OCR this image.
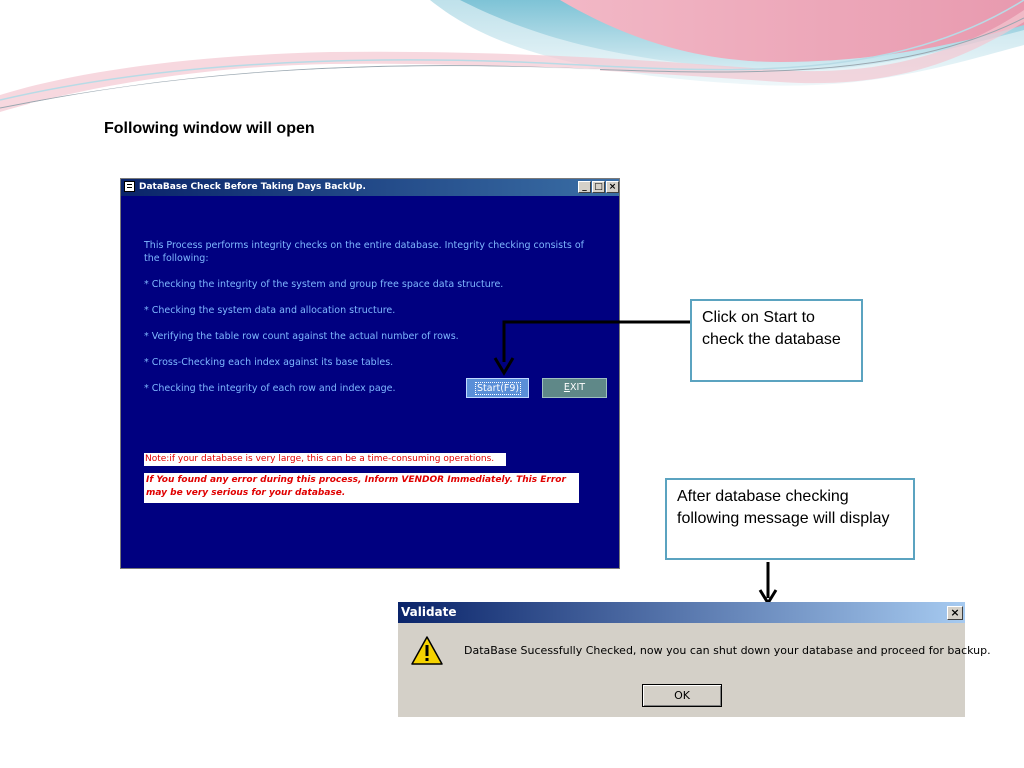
Following window will open
DataBase Check Before Taking Days BackUp.	_ □ ×
This Process performs integrity checks on the entire database. Integrity checking consists of the following:
* Checking the integrity of the system and group free space data structure.
* Checking the system data and allocation structure.
* Verifying the table row count against the actual number of rows.
* Cross-Checking each index against its base tables.
* Checking the integrity of each row and index page.	Start(F9)	EXIT
Note:if your database is very large, this can be a time-consuming operations.
If You found any error during this process, Inform VENDOR Immediately. This Error may be very serious for your database.
Click on Start to check the database
After database checking following message will display
Validate	×
DataBase Sucessfully Checked, now you can shut down your database and proceed for backup.
OK
